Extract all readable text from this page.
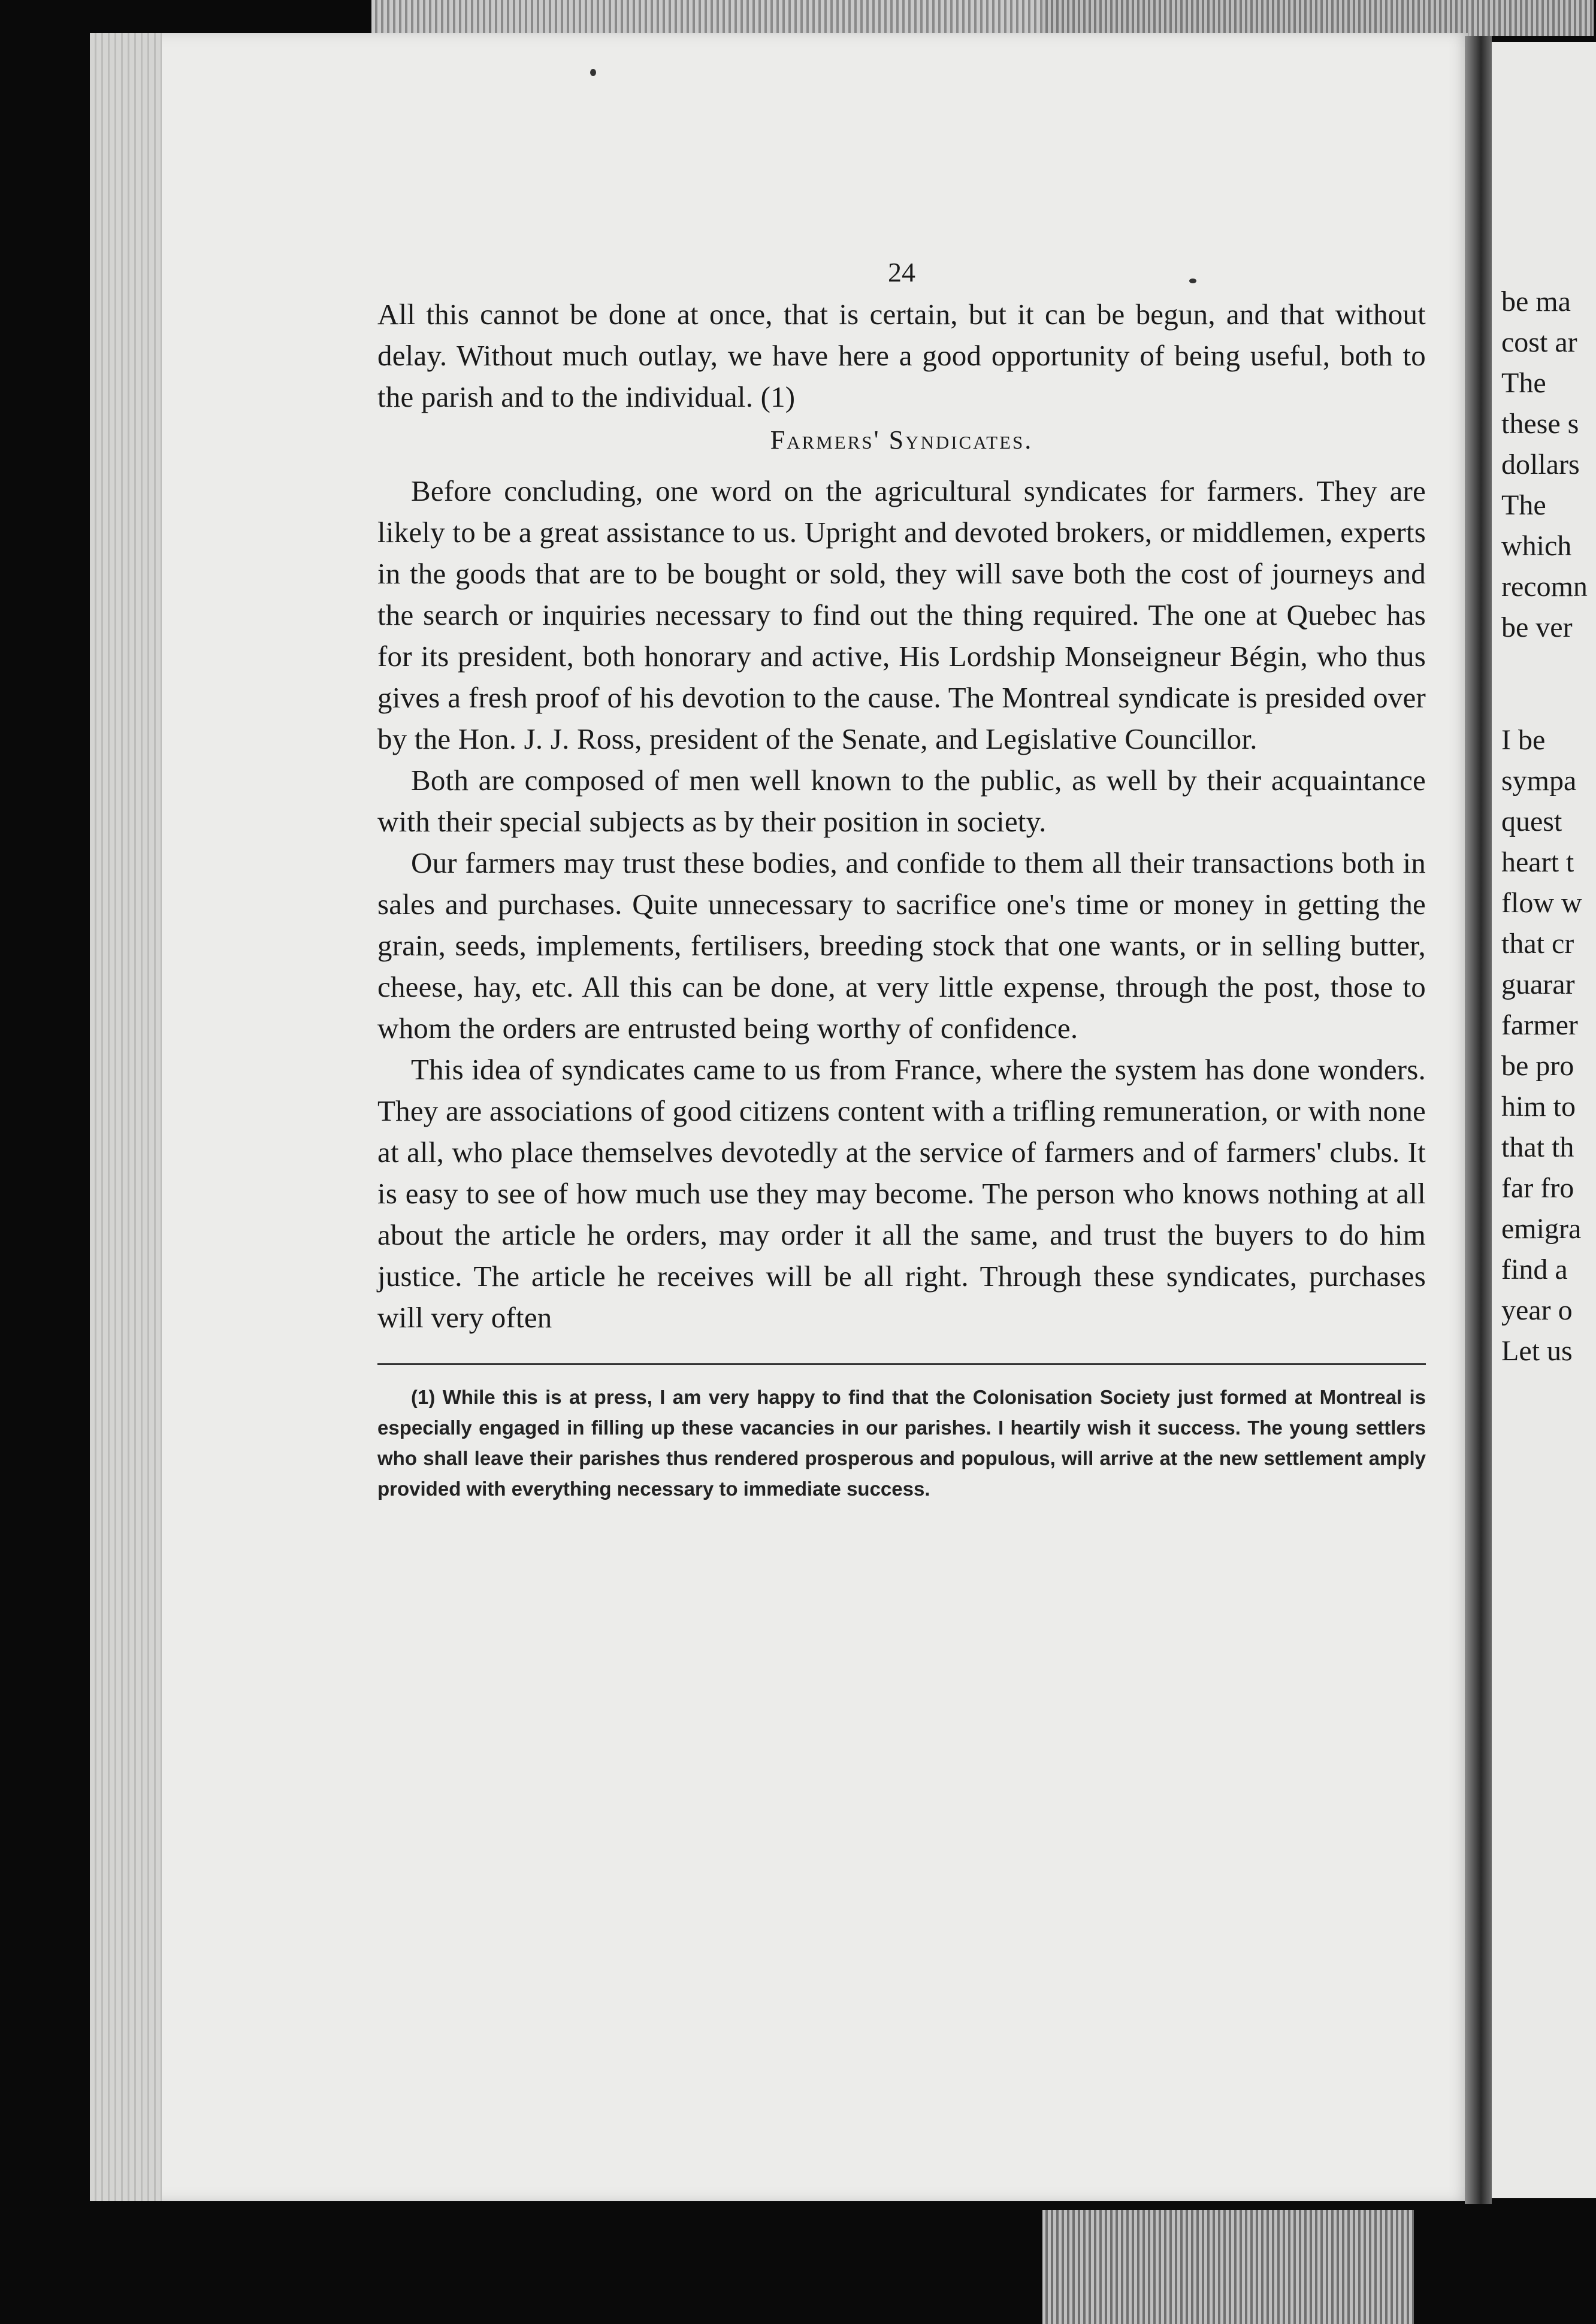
be ma
cost ar
The
these s
dollars
The
which
recomn
be ver
I be
sympa
quest
heart t
flow w
that cr
guarar
farmer
be pro
him to
that th
far fro
emigra
find a
year o
Let us
24

All this cannot be done at once, that is certain, but it can be begun, and that without delay. Without much outlay, we have here a good opportunity of being useful, both to the parish and to the individual. (1)

Farmers' Syndicates.

Before concluding, one word on the agricultural syndicates for farmers. They are likely to be a great assistance to us. Upright and devoted brokers, or middlemen, experts in the goods that are to be bought or sold, they will save both the cost of journeys and the search or inquiries necessary to find out the thing required. The one at Quebec has for its president, both honorary and active, His Lordship Monseigneur Bégin, who thus gives a fresh proof of his devotion to the cause. The Montreal syndicate is presided over by the Hon. J. J. Ross, president of the Senate, and Legislative Councillor.

Both are composed of men well known to the public, as well by their acquaintance with their special subjects as by their position in society.

Our farmers may trust these bodies, and confide to them all their transactions both in sales and purchases. Quite unnecessary to sacrifice one's time or money in getting the grain, seeds, implements, fertilisers, breeding stock that one wants, or in selling butter, cheese, hay, etc. All this can be done, at very little expense, through the post, those to whom the orders are entrusted being worthy of confidence.

This idea of syndicates came to us from France, where the system has done wonders. They are associations of good citizens content with a trifling remuneration, or with none at all, who place themselves devotedly at the service of farmers and of farmers' clubs. It is easy to see of how much use they may become. The person who knows nothing at all about the article he orders, may order it all the same, and trust the buyers to do him justice. The article he receives will be all right. Through these syndicates, purchases will very often

(1) While this is at press, I am very happy to find that the Colonisation Society just formed at Montreal is especially engaged in filling up these vacancies in our parishes. I heartily wish it success. The young settlers who shall leave their parishes thus rendered prosperous and populous, will arrive at the new settlement amply provided with everything necessary to immediate success.
